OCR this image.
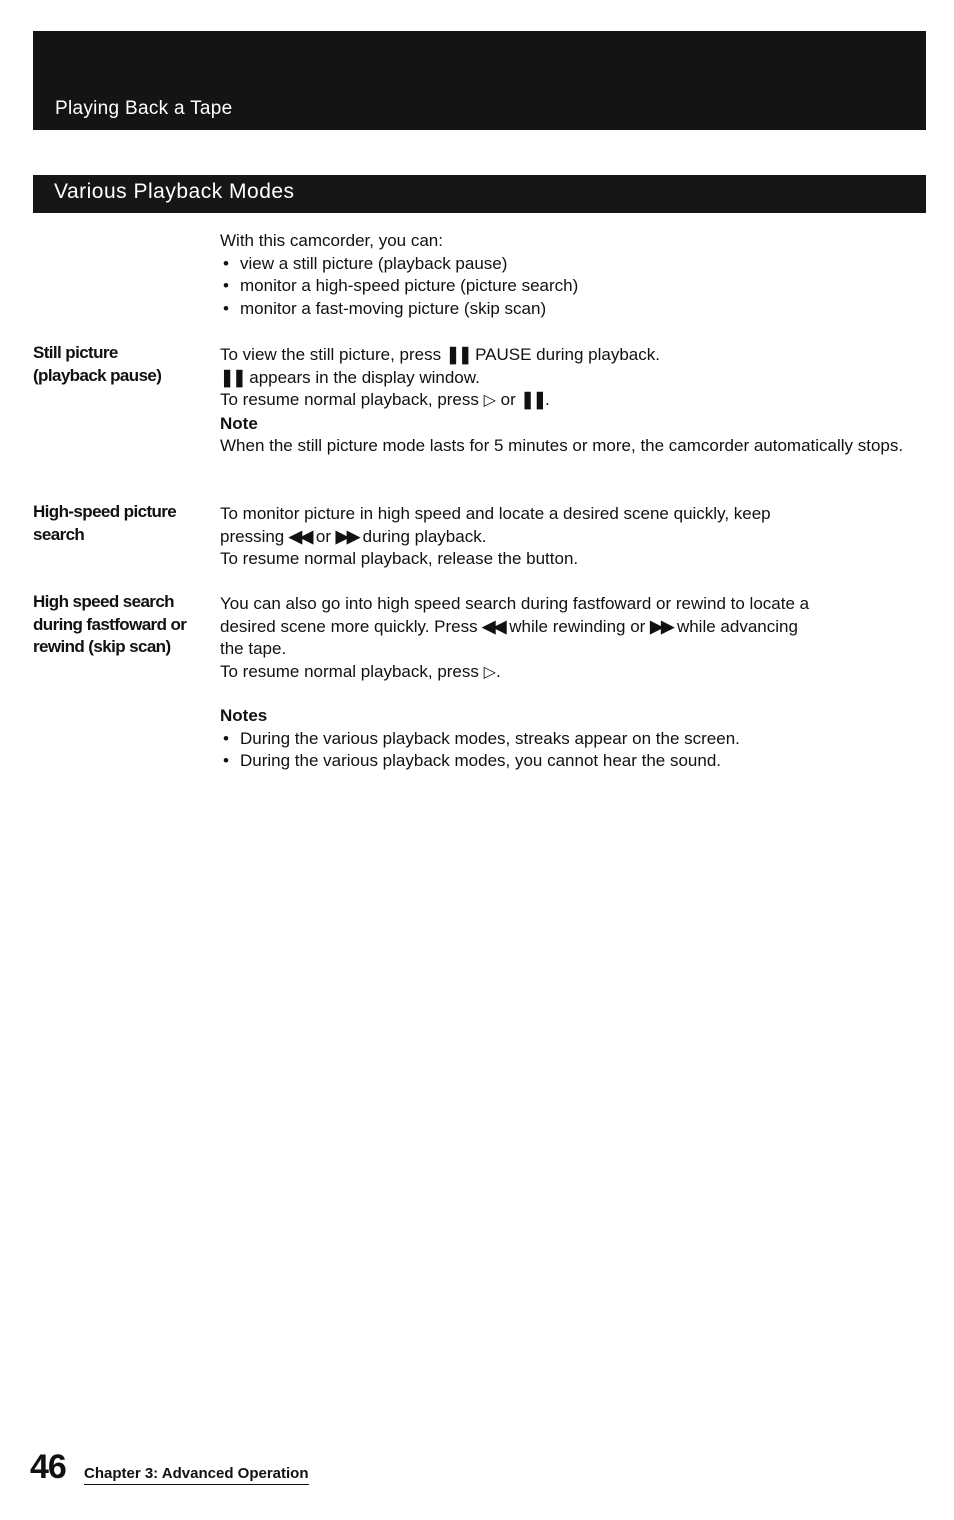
Playing Back a Tape
Various Playback Modes

With this camcorder, you can:

• view a still picture (playback pause)
• monitor a high-speed picture (picture search)
• monitor a fast-moving picture (skip scan)

Still picture

(playback pause)

To view the still picture, press ❚❚ PAUSE during playback.

❚❚ appears in the display window.

To resume normal playback, press ▷ or ❚❚.

Note

When the still picture mode lasts for 5 minutes or more, the camcorder automatically stops.

High-speed picture

search

To monitor picture in high speed and locate a desired scene quickly, keep

pressing ◀◀ or ▶▶ during playback.

To resume normal playback, release the button.

High speed search

during fastfoward or

rewind (skip scan)

You can also go into high speed search during fastfoward or rewind to locate a

desired scene more quickly. Press ◀◀ while rewinding or ▶▶ while advancing

the tape.

To resume normal playback, press ▷.

Notes

• During the various playback modes, streaks appear on the screen.
• During the various playback modes, you cannot hear the sound.
46 Chapter 3: Advanced Operation
